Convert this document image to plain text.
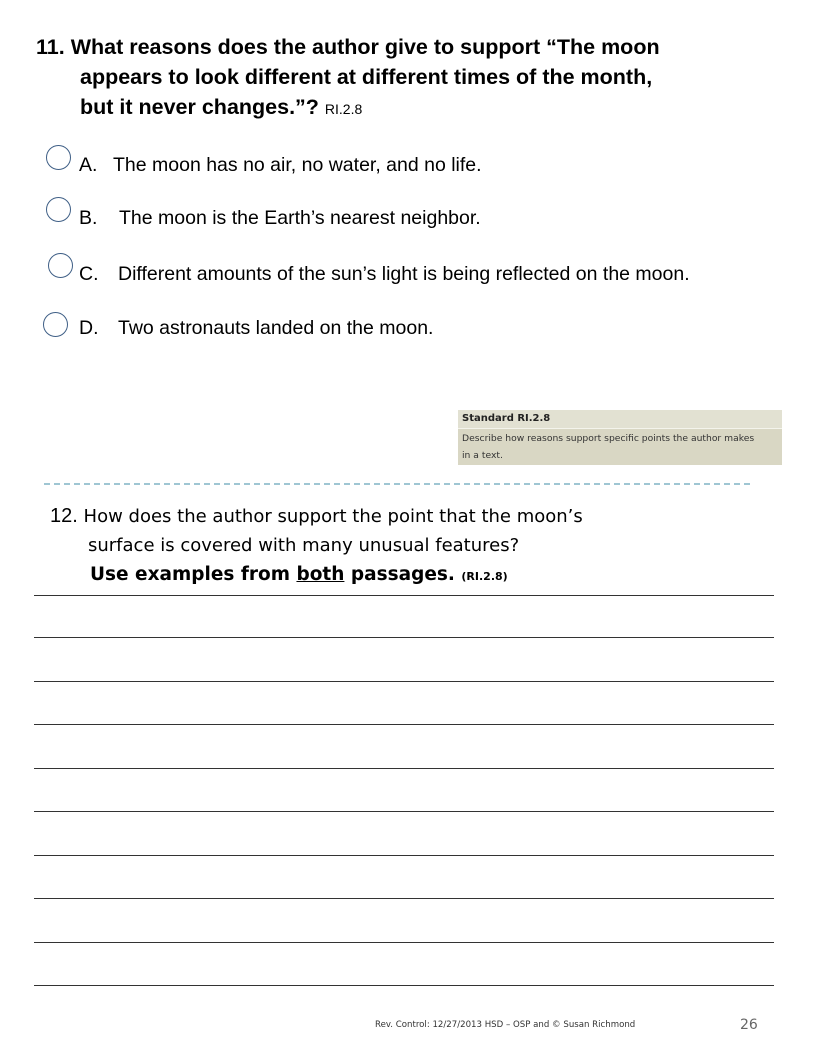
11. What reasons does the author give to support “The moon
appears to look different at different times of the month,
but it never changes.”? RI.2.8
A. The moon has no air, no water, and no life.
B. The moon is the Earth’s nearest neighbor.
C. Different amounts of the sun’s light is being reflected on the moon.
D. Two astronauts landed on the moon.
Standard RI.2.8
Describe how reasons support specific points the author makes
in a text.
12. How does the author support the point that the moon’s
surface is covered with many unusual features?
Use examples from both passages. (RI.2.8)
Rev. Control: 12/27/2013 HSD – OSP and © Susan Richmond	26
